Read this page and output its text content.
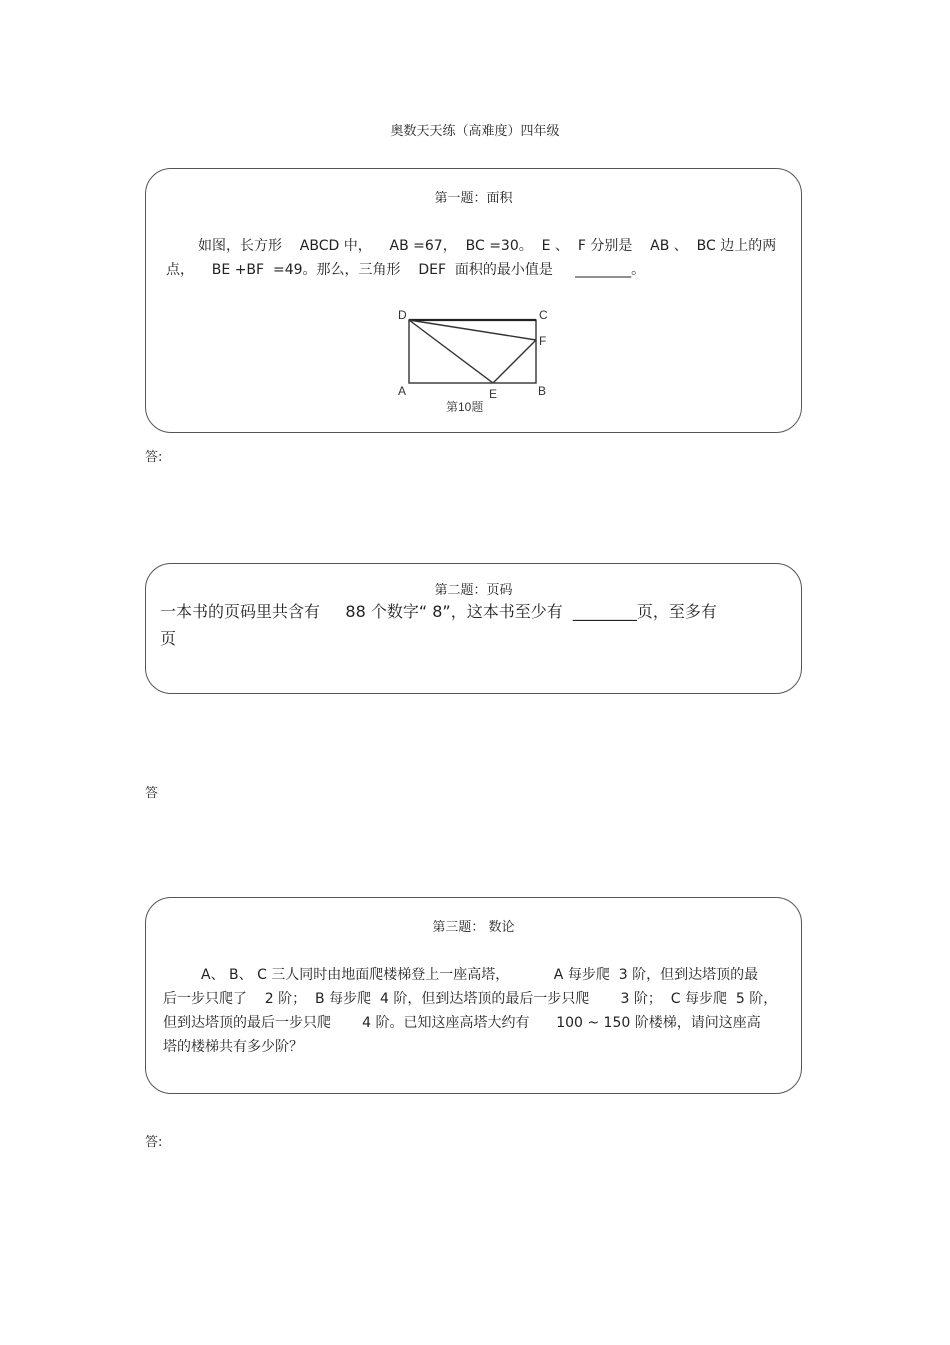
奥数天天练（高难度）四年级
第一题：面积
如图，长方形    ABCD 中，    AB =67，  BC =30。  E 、  F 分别是    AB 、  BC 边上的两
点，    BE +BF  =49。那么，三角形    DEF  面积的最小值是     ________。
D	C
F
A	E	B
第10题
答:
第二题：页码
一本书的页码里共含有     88 个数字“ 8”，这本书至少有  ________页，至多有
页
答
第三题： 数论
A、 B、 C 三人同时由地面爬楼梯登上一座高塔，          A 每步爬  3 阶，但到达塔顶的最
后一步只爬了    2 阶；  B 每步爬  4 阶，但到达塔顶的最后一步只爬       3 阶；  C 每步爬  5 阶，
但到达塔顶的最后一步只爬       4 阶。已知这座高塔大约有      100 ~ 150 阶楼梯，请问这座高
塔的楼梯共有多少阶？
答:
